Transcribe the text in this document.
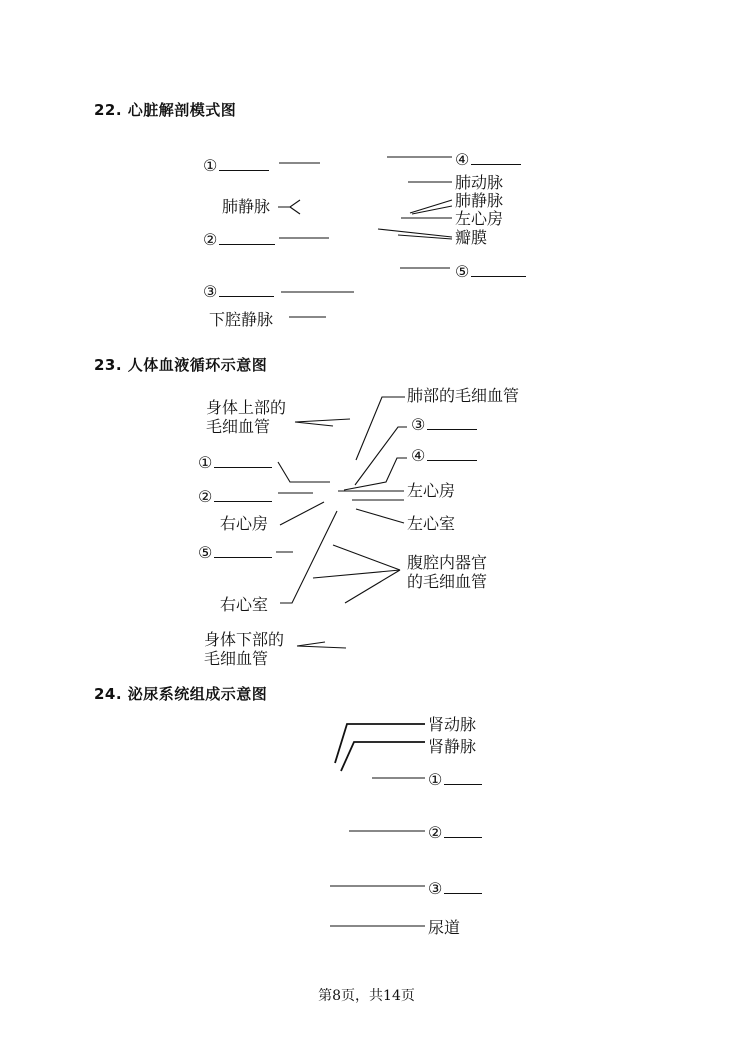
22. 心脏解剖模式图
①
肺静脉
②
③
下腔静脉
④
肺动脉
肺静脉
左心房
瓣膜
⑤
23. 人体血液循环示意图
身体上部的
毛细血管
肺部的毛细血管
③
④
①
左心房
②
右心房	左心室
⑤
腹腔内器官
的毛细血管
右心室
身体下部的
毛细血管
24. 泌尿系统组成示意图
肾动脉
肾静脉
①
②
③
尿道
第8页，共14页
